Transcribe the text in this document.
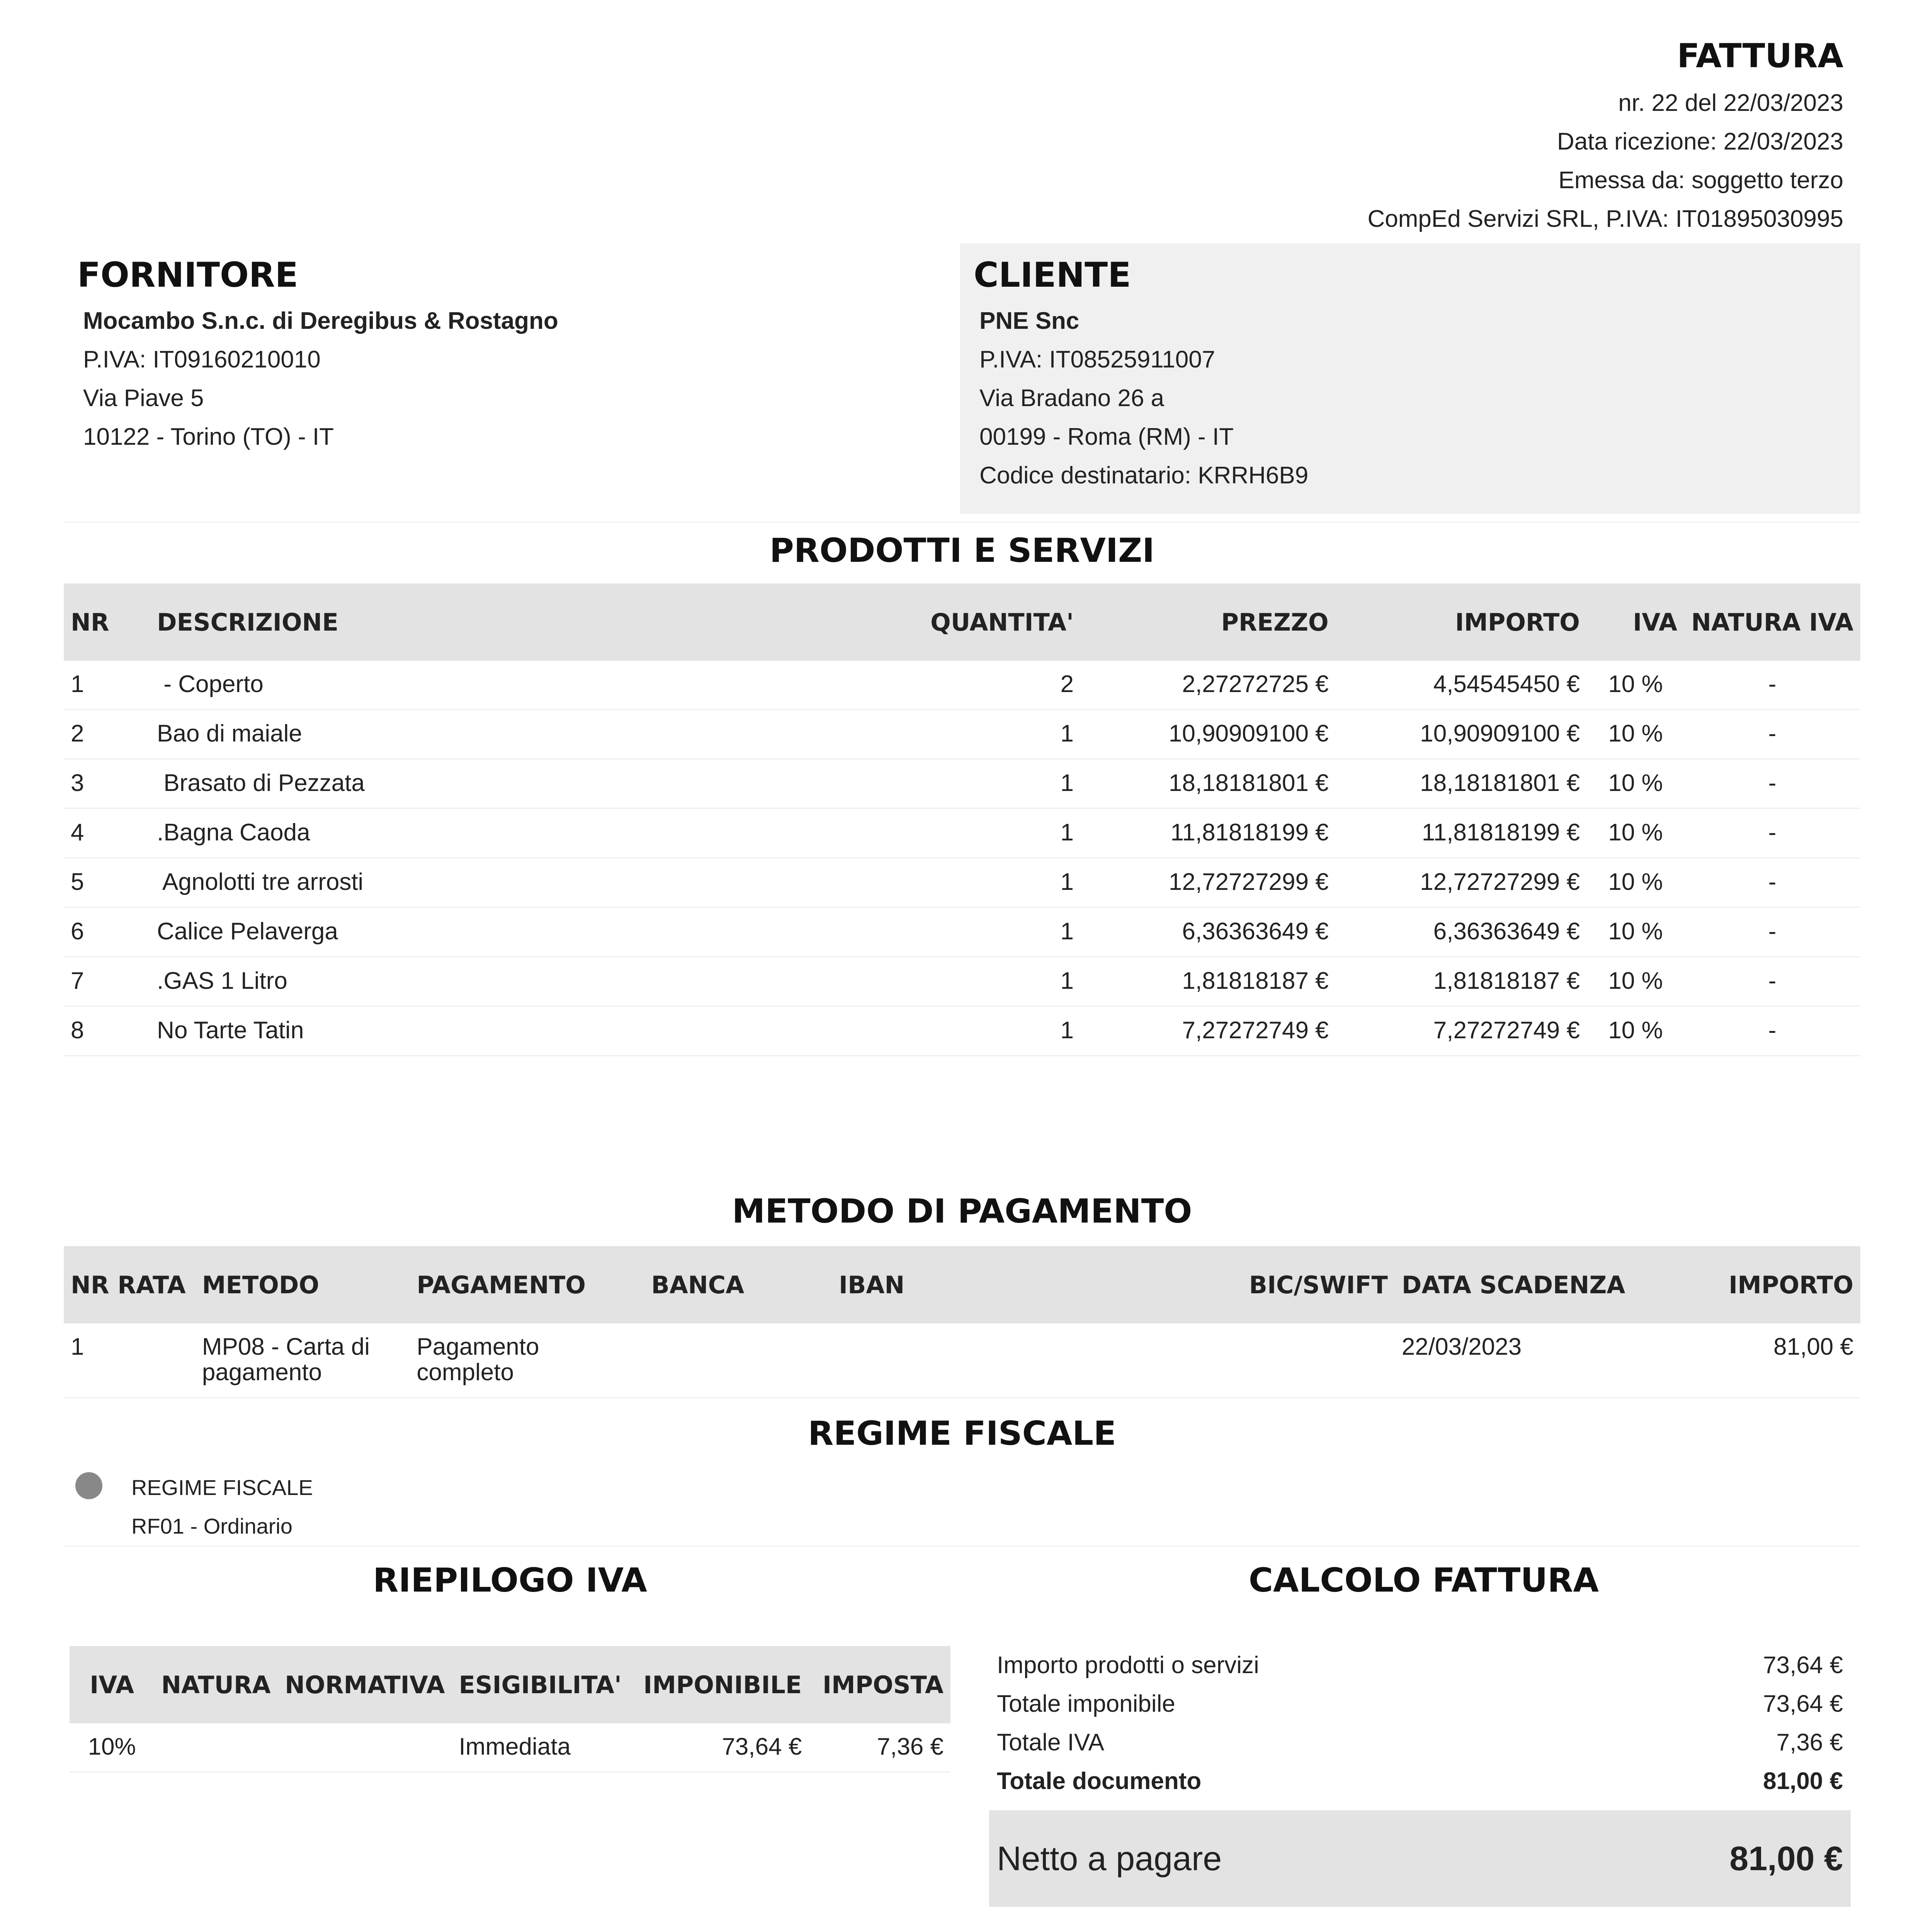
FATTURA
nr. 22 del 22/03/2023
Data ricezione: 22/03/2023
Emessa da: soggetto terzo
CompEd Servizi SRL, P.IVA: IT01895030995
FORNITORE
Mocambo S.n.c. di Deregibus & Rostagno
P.IVA: IT09160210010
Via Piave 5
10122 - Torino (TO) - IT
CLIENTE
PNE Snc
P.IVA: IT08525911007
Via Bradano 26 a
00199 - Roma (RM) - IT
Codice destinatario: KRRH6B9
PRODOTTI E SERVIZI
NR	DESCRIZIONE	QUANTITA'	PREZZO	IMPORTO	IVA	NATURA IVA
1	- Coperto	2	2,27272725 €	4,54545450 €	10 %	-
2	Bao di maiale	1	10,90909100 €	10,90909100 €	10 %	-
3	Brasato di Pezzata	1	18,18181801 €	18,18181801 €	10 %	-
4	.Bagna Caoda	1	11,81818199 €	11,81818199 €	10 %	-
5	Agnolotti tre arrosti	1	12,72727299 €	12,72727299 €	10 %	-
6	Calice Pelaverga	1	6,36363649 €	6,36363649 €	10 %	-
7	.GAS 1 Litro	1	1,81818187 €	1,81818187 €	10 %	-
8	No Tarte Tatin	1	7,27272749 €	7,27272749 €	10 %	-
METODO DI PAGAMENTO
NR RATA	METODO	PAGAMENTO	BANCA	IBAN	BIC/SWIFT	DATA SCADENZA	IMPORTO
1	MP08 - Carta di pagamento	Pagamento completo				22/03/2023	81,00 €
REGIME FISCALE
REGIME FISCALE
RF01 - Ordinario
RIEPILOGO IVA
IVA	NATURA	NORMATIVA	ESIGIBILITA'	IMPONIBILE	IMPOSTA
10%			Immediata	73,64 €	7,36 €
CALCOLO FATTURA
Importo prodotti o servizi	73,64 €
Totale imponibile	73,64 €
Totale IVA	7,36 €
Totale documento	81,00 €
Netto a pagare	81,00 €
